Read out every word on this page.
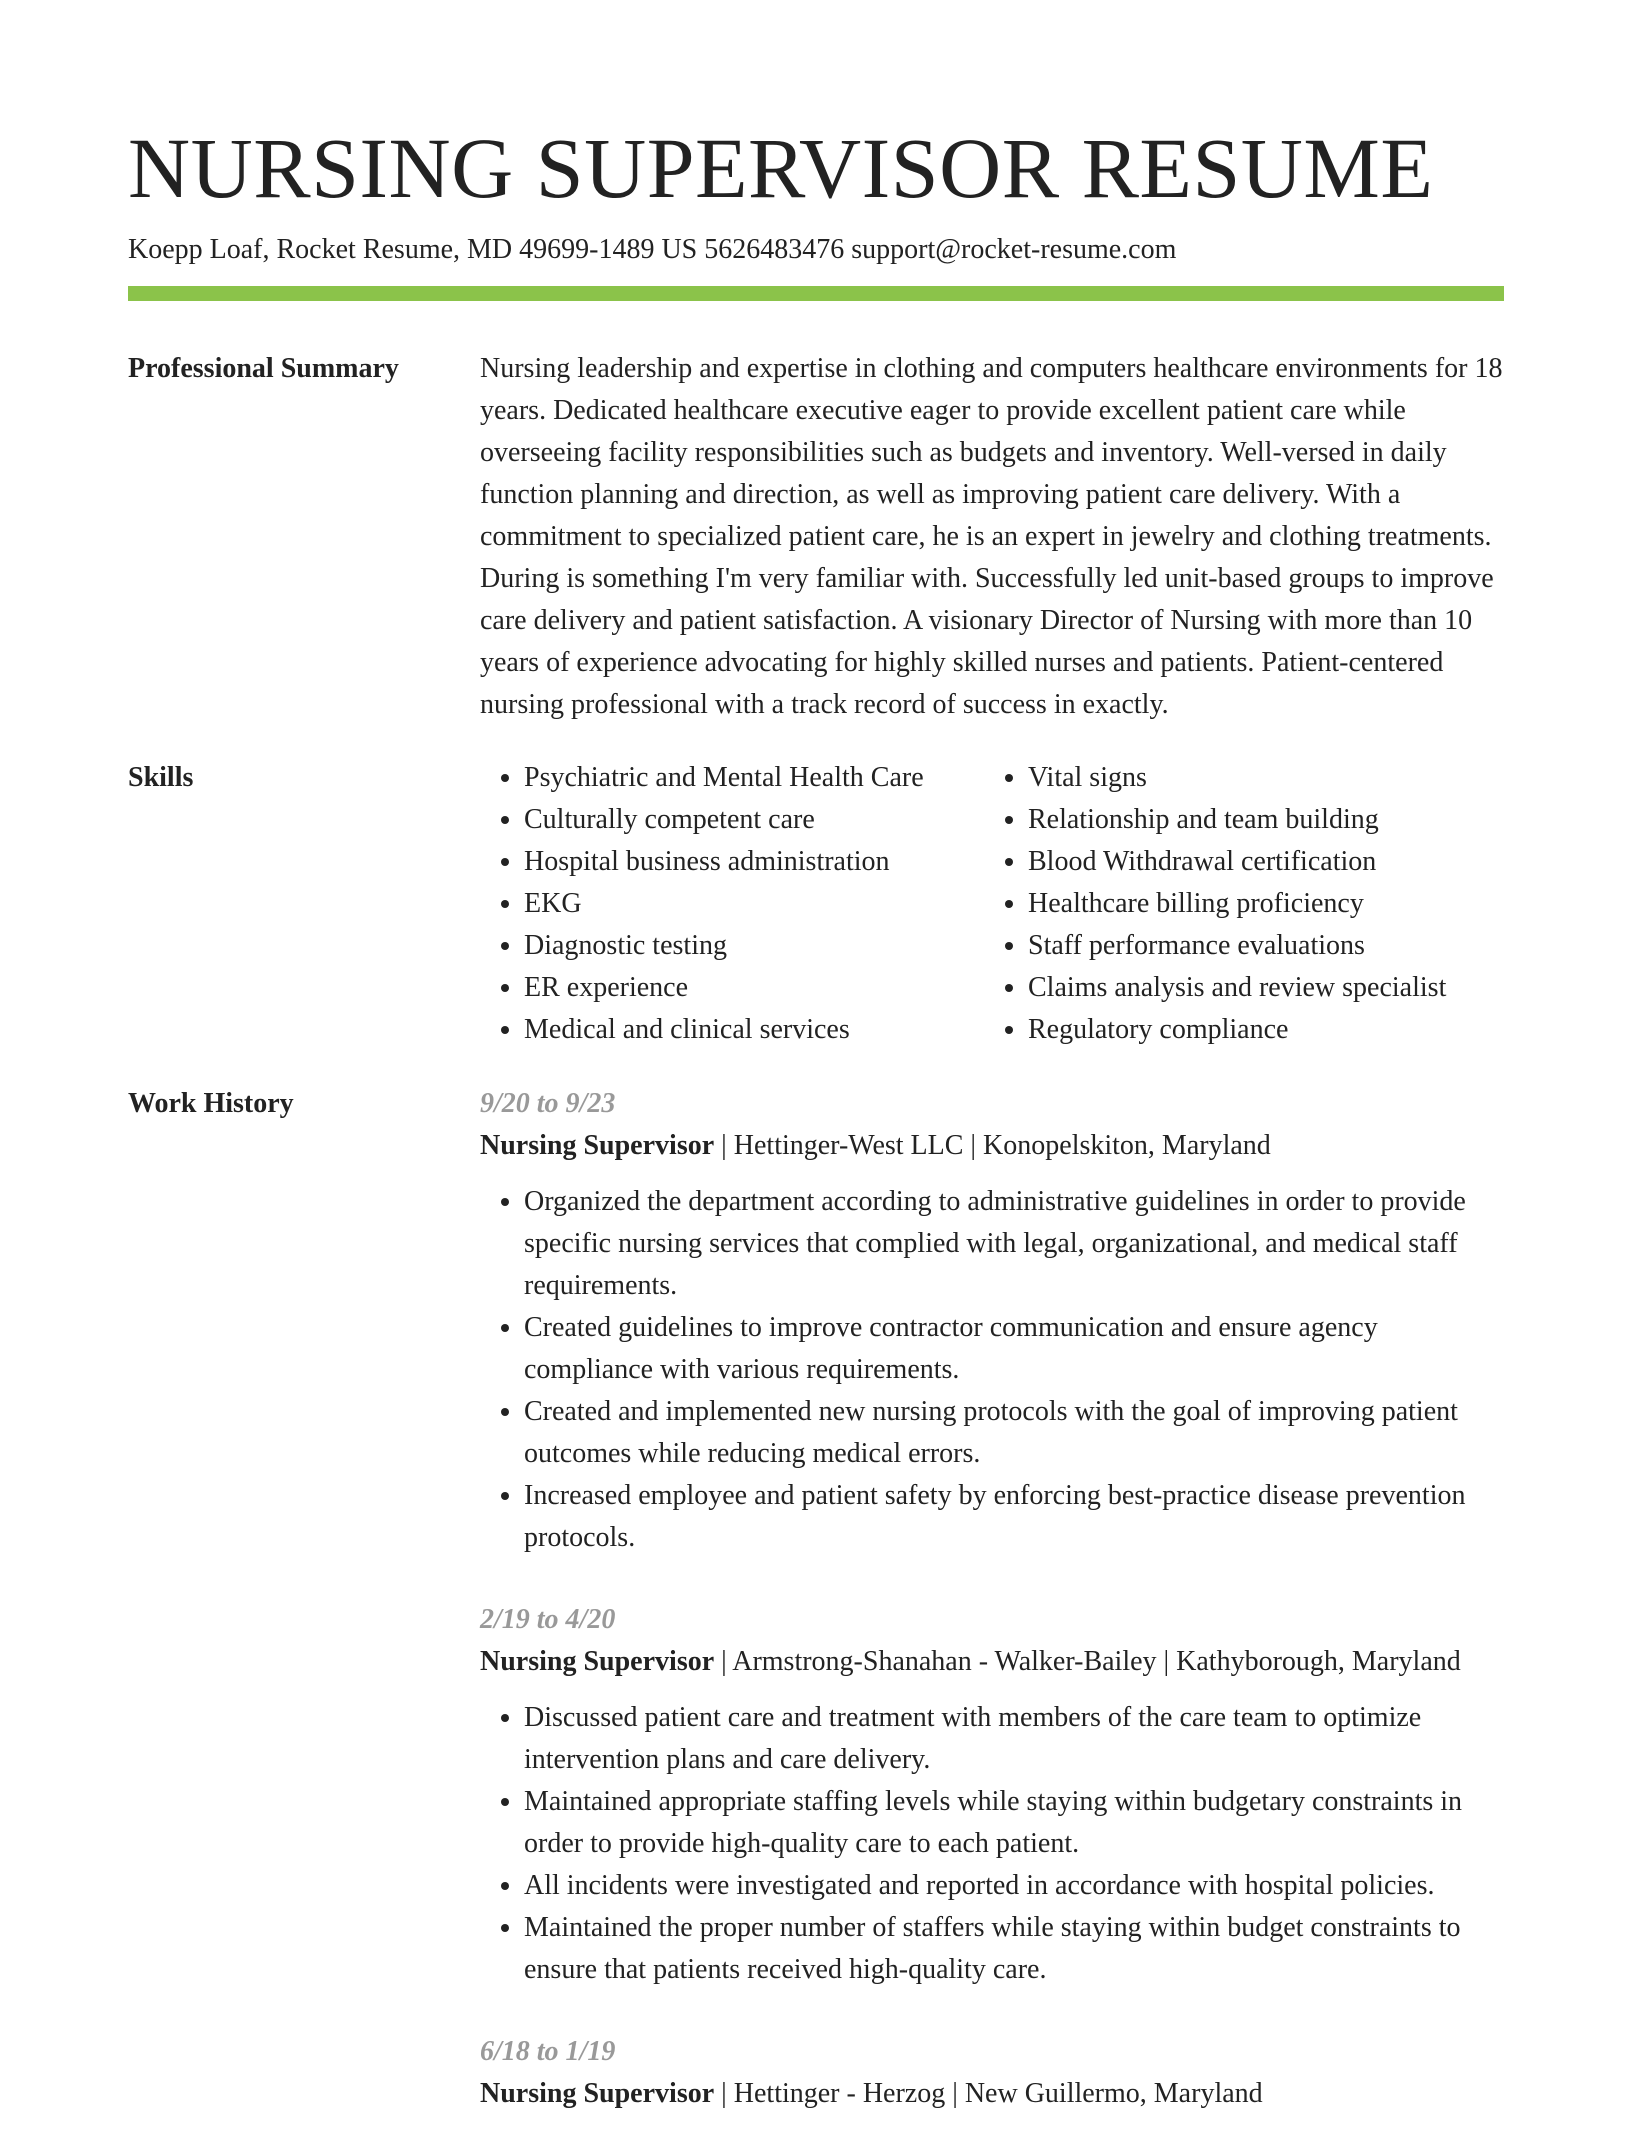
NURSING SUPERVISOR RESUME
Koepp Loaf, Rocket Resume, MD 49699-1489 US 5626483476 support@rocket-resume.com
Professional Summary	Nursing leadership and expertise in clothing and computers healthcare environments for 18 years. Dedicated healthcare executive eager to provide excellent patient care while overseeing facility responsibilities such as budgets and inventory. Well-versed in daily function planning and direction, as well as improving patient care delivery. With a commitment to specialized patient care, he is an expert in jewelry and clothing treatments. During is something I'm very familiar with. Successfully led unit-based groups to improve care delivery and patient satisfaction. A visionary Director of Nursing with more than 10 years of experience advocating for highly skilled nurses and patients. Patient-centered nursing professional with a track record of success in exactly.

Skills
•	Psychiatric and Mental Health Care
• Culturally competent care
• Hospital business administration
• EKG
• Diagnostic testing
• ER experience
• Medical and clinical services
• Vital signs
• Relationship and team building
• Blood Withdrawal certification
• Healthcare billing proficiency
• Staff performance evaluations
• Claims analysis and review specialist
• Regulatory compliance
Work History	9/20 to 9/23
Nursing Supervisor | Hettinger-West LLC | Konopelskiton, Maryland
• Organized the department according to administrative guidelines in order to provide specific nursing services that complied with legal, organizational, and medical staff requirements.
• Created guidelines to improve contractor communication and ensure agency compliance with various requirements.
• Created and implemented new nursing protocols with the goal of improving patient outcomes while reducing medical errors.
• Increased employee and patient safety by enforcing best-practice disease prevention protocols.
2/19 to 4/20
Nursing Supervisor | Armstrong-Shanahan - Walker-Bailey | Kathyborough, Maryland
• Discussed patient care and treatment with members of the care team to optimize intervention plans and care delivery.
• Maintained appropriate staffing levels while staying within budgetary constraints in order to provide high-quality care to each patient.
• All incidents were investigated and reported in accordance with hospital policies.
• Maintained the proper number of staffers while staying within budget constraints to ensure that patients received high-quality care.
6/18 to 1/19
Nursing Supervisor | Hettinger - Herzog | New Guillermo, Maryland
